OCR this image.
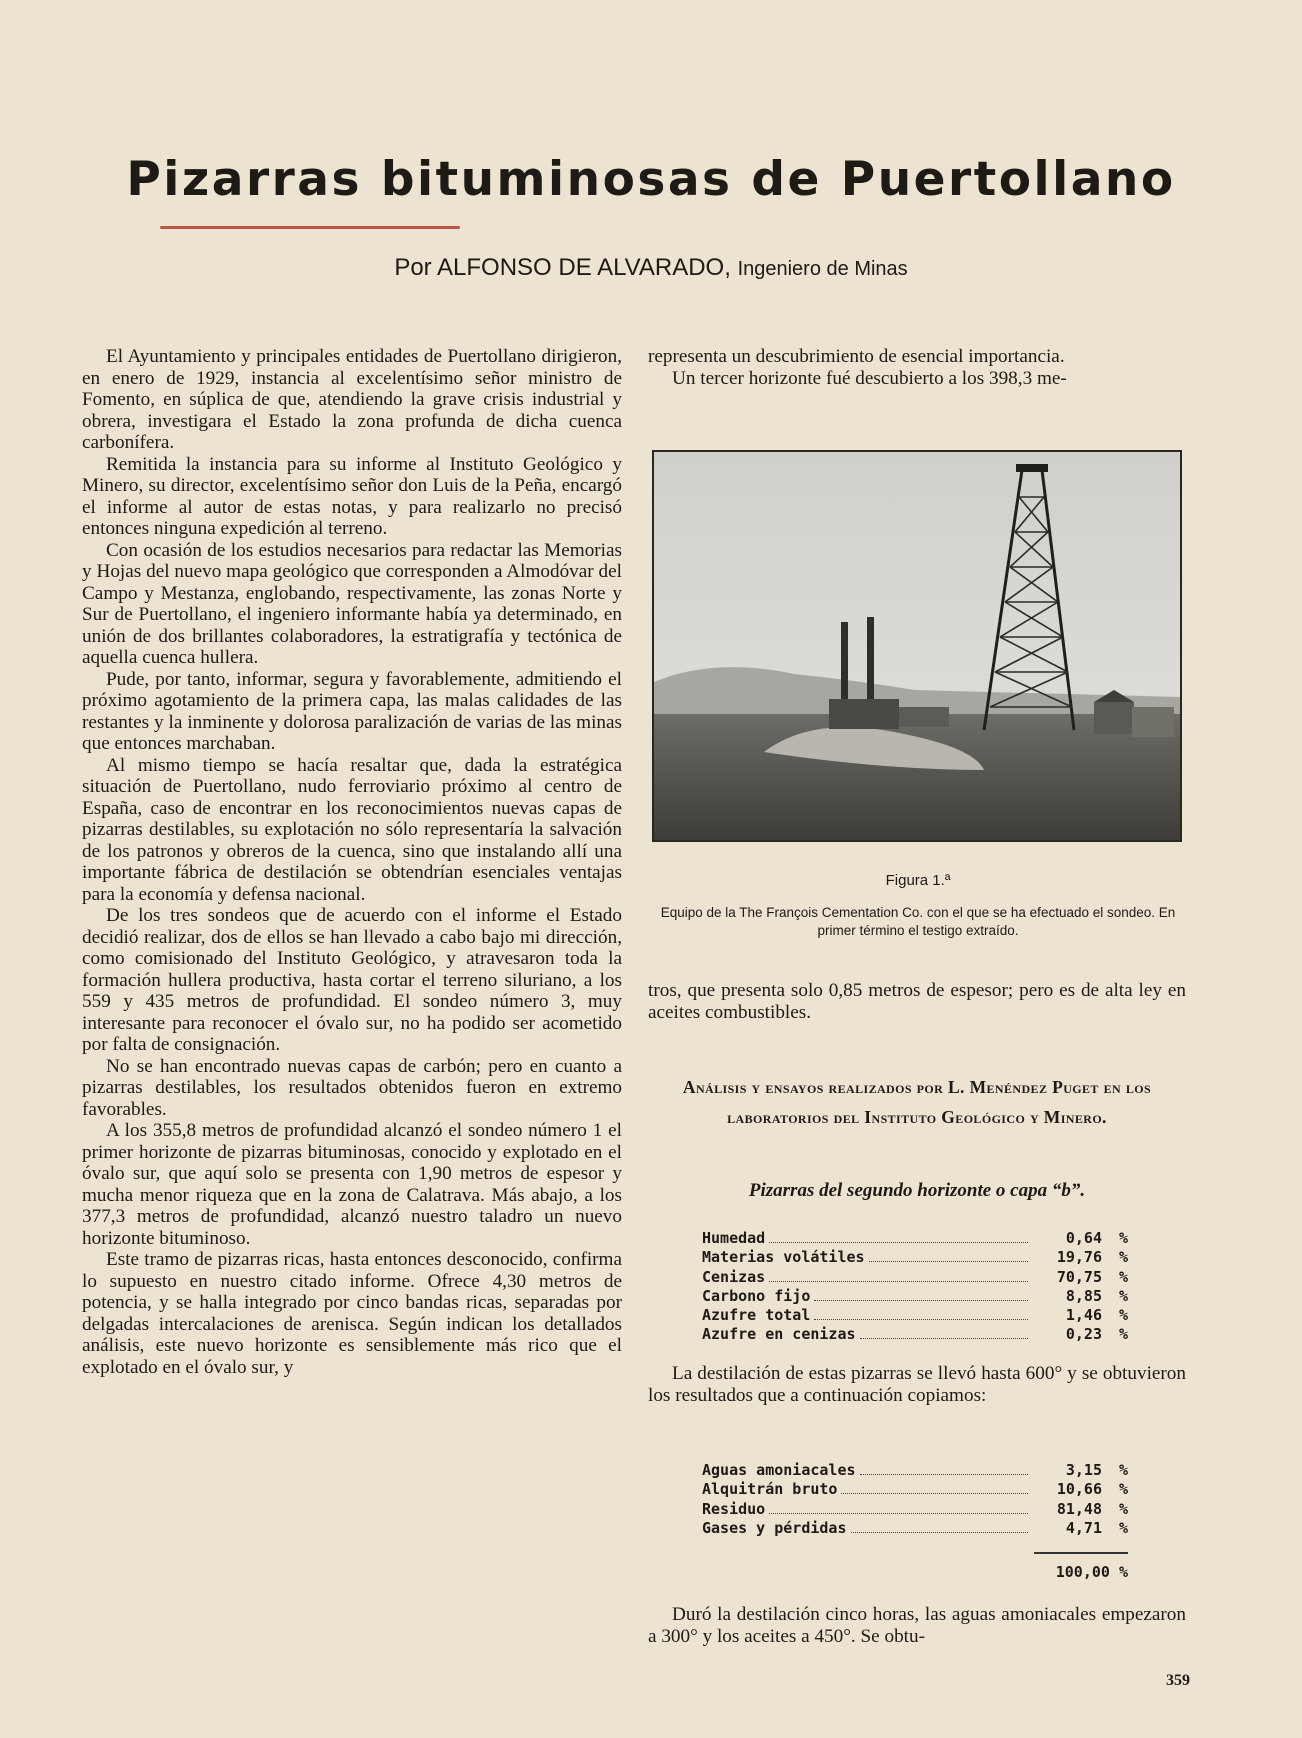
Pizarras bituminosas de Puertollano
Por ALFONSO DE ALVARADO, Ingeniero de Minas

El Ayuntamiento y principales entidades de Puertollano dirigieron, en enero de 1929, instancia al excelentísimo señor ministro de Fomento, en súplica de que, atendiendo la grave crisis industrial y obrera, investigara el Estado la zona profunda de dicha cuenca carbonífera.

Remitida la instancia para su informe al Instituto Geológico y Minero, su director, excelentísimo señor don Luis de la Peña, encargó el informe al autor de estas notas, y para realizarlo no precisó entonces ninguna expedición al terreno.

Con ocasión de los estudios necesarios para redactar las Memorias y Hojas del nuevo mapa geológico que corresponden a Almodóvar del Campo y Mestanza, englobando, respectivamente, las zonas Norte y Sur de Puertollano, el ingeniero informante había ya determinado, en unión de dos brillantes colaboradores, la estratigrafía y tectónica de aquella cuenca hullera.

Pude, por tanto, informar, segura y favorablemente, admitiendo el próximo agotamiento de la primera capa, las malas calidades de las restantes y la inminente y dolorosa paralización de varias de las minas que entonces marchaban.

Al mismo tiempo se hacía resaltar que, dada la estratégica situación de Puertollano, nudo ferroviario próximo al centro de España, caso de encontrar en los reconocimientos nuevas capas de pizarras destilables, su explotación no sólo representaría la salvación de los patronos y obreros de la cuenca, sino que instalando allí una importante fábrica de destilación se obtendrían esenciales ventajas para la economía y defensa nacional.

De los tres sondeos que de acuerdo con el informe el Estado decidió realizar, dos de ellos se han llevado a cabo bajo mi dirección, como comisionado del Instituto Geológico, y atravesaron toda la formación hullera productiva, hasta cortar el terreno siluriano, a los 559 y 435 metros de profundidad. El sondeo número 3, muy interesante para reconocer el óvalo sur, no ha podido ser acometido por falta de consignación.

No se han encontrado nuevas capas de carbón; pero en cuanto a pizarras destilables, los resultados obtenidos fueron en extremo favorables.

A los 355,8 metros de profundidad alcanzó el sondeo número 1 el primer horizonte de pizarras bituminosas, conocido y explotado en el óvalo sur, que aquí solo se presenta con 1,90 metros de espesor y mucha menor riqueza que en la zona de Calatrava. Más abajo, a los 377,3 metros de profundidad, alcanzó nuestro taladro un nuevo horizonte bituminoso.

Este tramo de pizarras ricas, hasta entonces desconocido, confirma lo supuesto en nuestro citado informe. Ofrece 4,30 metros de potencia, y se halla integrado por cinco bandas ricas, separadas por delgadas intercalaciones de arenisca. Según indican los detallados análisis, este nuevo horizonte es sensiblemente más rico que el explotado en el óvalo sur, y

representa un descubrimiento de esencial importancia.

Un tercer horizonte fué descubierto a los 398,3 me-

Figura 1.ª
Equipo de la The François Cementation Co. con el que se ha efectuado el sondeo. En primer término el testigo extraído.

tros, que presenta solo 0,85 metros de espesor; pero es de alta ley en aceites combustibles.

Análisis y ensayos realizados por L. Menéndez Puget en los laboratorios del Instituto Geológico y Minero.
Pizarras del segundo horizonte o capa “b”.
Humedad	0,64	%
Materias volátiles	19,76	%
Cenizas	70,75	%
Carbono fijo	8,85	%
Azufre total	1,46	%
Azufre en cenizas	0,23	%

La destilación de estas pizarras se llevó hasta 600° y se obtuvieron los resultados que a continuación copiamos:

Aguas amoniacales	3,15	%
Alquitrán bruto	10,66	%
Residuo	81,48	%
Gases y pérdidas	4,71	%
100,00 %

Duró la destilación cinco horas, las aguas amoniacales empezaron a 300° y los aceites a 450°. Se obtu-

359
